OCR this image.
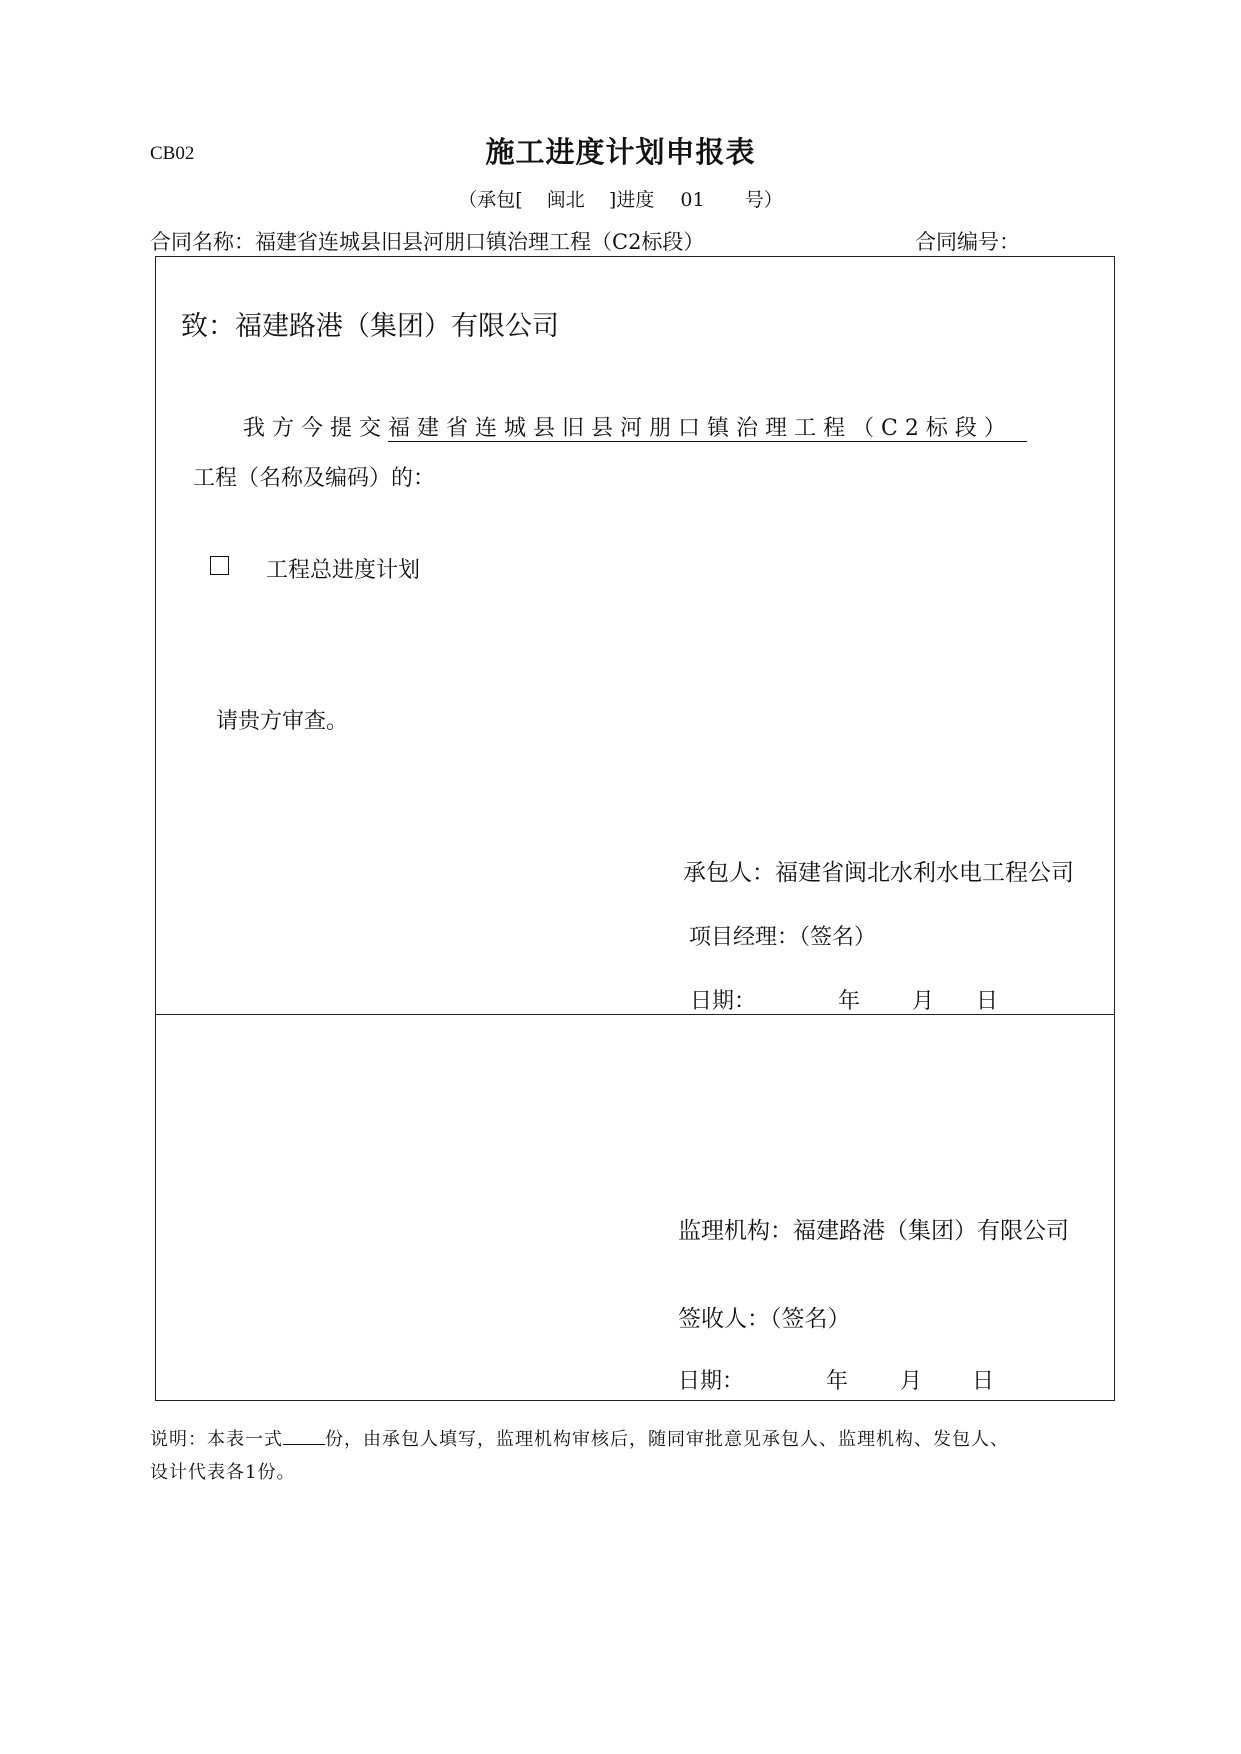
CB02	施工进度计划申报表
（承包[ 闽北 ]进度 01 号）
合同名称：福建省连城县旧县河朋口镇治理工程（C2标段）	合同编号：
致：福建路港（集团）有限公司
我方今提交福建省连城县旧县河朋口镇治理工程（C2标段）
工程（名称及编码）的：
工程总进度计划
请贵方审查。
承包人：福建省闽北水利水电工程公司
项目经理：（签名）
日期：	年 月 日
监理机构：福建路港（集团）有限公司
签收人：（签名）
日期：	年 月 日
说明：本表一式 份，由承包人填写，监理机构审核后，随同审批意见承包人、监理机构、发包人、
设计代表各1份。
